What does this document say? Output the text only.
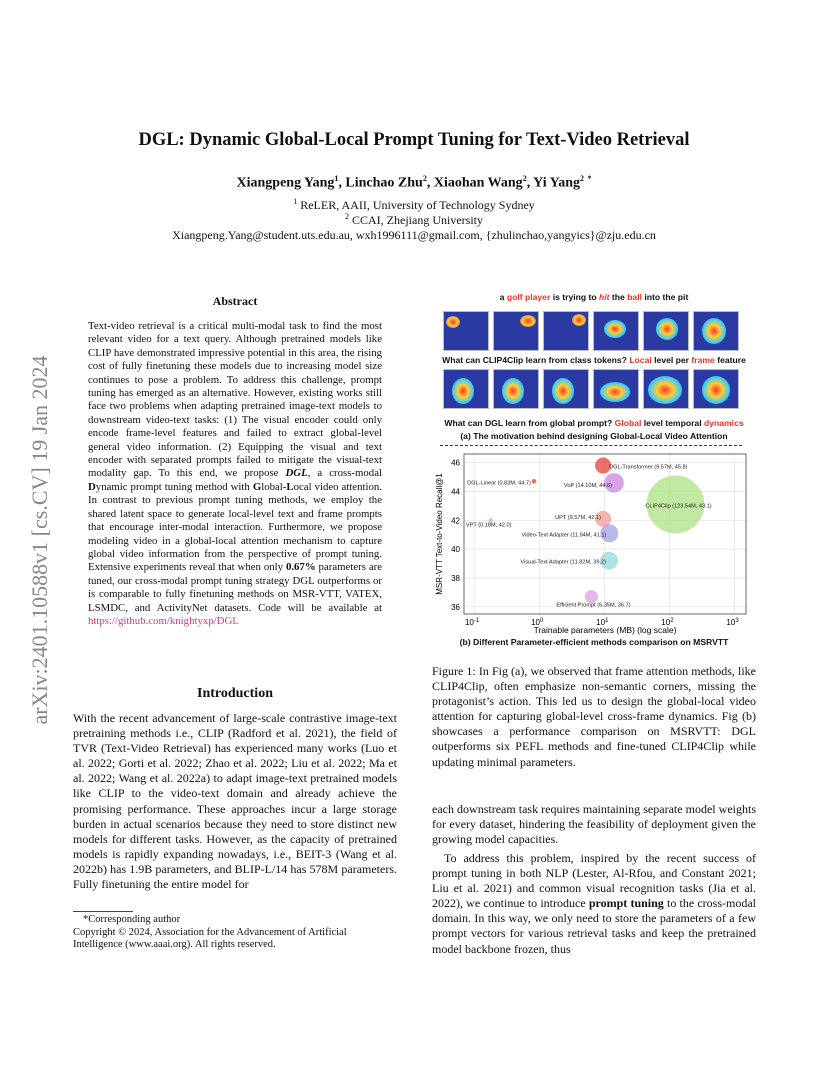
arXiv:2401.10588v1 [cs.CV] 19 Jan 2024
DGL: Dynamic Global-Local Prompt Tuning for Text-Video Retrieval
Xiangpeng Yang$^1$, Linchao Zhu$^2$, Xiaohan Wang$^2$, Yi Yang$^2$ *
$^1$ ReLER, AAII, University of Technology Sydney
$^2$ CCAI, Zhejiang University
Xiangpeng.Yang@student.uts.edu.au, wxh1996111@gmail.com, {zhulinchao,yangyics}@zju.edu.cn
Abstract
Text-video retrieval is a critical multi-modal task to find the most relevant video for a text query. Although pretrained models like CLIP have demonstrated impressive potential in this area, the rising cost of fully finetuning these models due to increasing model size continues to pose a problem. To address this challenge, prompt tuning has emerged as an alternative. However, existing works still face two problems when adapting pretrained image-text models to downstream video-text tasks: (1) The visual encoder could only encode frame-level features and failed to extract global-level general video information. (2) Equipping the visual and text encoder with separated prompts failed to mitigate the visual-text modality gap. To this end, we propose DGL, a cross-modal Dynamic prompt tuning method with Global-Local video attention. In contrast to previous prompt tuning methods, we employ the shared latent space to generate local-level text and frame prompts that encourage inter-modal interaction. Furthermore, we propose modeling video in a global-local attention mechanism to capture global video information from the perspective of prompt tuning. Extensive experiments reveal that when only 0.67% parameters are tuned, our cross-modal prompt tuning strategy DGL outperforms or is comparable to fully finetuning methods on MSR-VTT, VATEX, LSMDC, and ActivityNet datasets. Code will be available at https://github.com/knightyxp/DGL
Introduction
With the recent advancement of large-scale contrastive image-text pretraining methods i.e., CLIP (Radford et al. 2021), the field of TVR (Text-Video Retrieval) has experienced many works (Luo et al. 2022; Gorti et al. 2022; Zhao et al. 2022; Liu et al. 2022; Ma et al. 2022; Wang et al. 2022a) to adapt image-text pretrained models like CLIP to the video-text domain and already achieve the promising performance. These approaches incur a large storage burden in actual scenarios because they need to store distinct new models for different tasks. However, as the capacity of pretrained models is rapidly expanding nowadays, i.e., BEIT-3 (Wang et al. 2022b) has 1.9B parameters, and BLIP-L/14 has 578M parameters. Fully finetuning the entire model for
*Corresponding author
Copyright © 2024, Association for the Advancement of Artificial Intelligence (www.aaai.org). All rights reserved.
a golf player is trying to hit the ball into the pit
What can CLIP4Clip learn from class tokens? Local level per frame feature
What can DGL learn from global prompt? Global level temporal dynamics
(a) The motivation behind designing Global-Local Video Attention
36
38
40
42
44
46
$10^{-1}$	$10^0$	$10^1$	$10^2$	$10^3$
DGL-Transformer (9.57M, 45.8)
DGL-Linear (0.83M, 44.7)	VoP (14.10M, 44.6)
CLIP4Clip (123.54M, 43.1)
UPT (9.57M, 42.1)
VPT (0.18M, 42.0)
Video-Text Adapter (11.94M, 41.1)
Visual-Text Adapter (11.82M, 39.2)
Efficient Prompt (6.35M, 36.7)
Trainable parameters (MB) (log scale)
MSR-VTT Text-to-Video Recall@1
(b) Different Parameter-efficient methods comparison on MSRVTT
Figure 1: In Fig (a), we observed that frame attention methods, like CLIP4Clip, often emphasize non-semantic corners, missing the protagonist’s action. This led us to design the global-local video attention for capturing global-level cross-frame dynamics. Fig (b) showcases a performance comparison on MSRVTT: DGL outperforms six PEFL methods and fine-tuned CLIP4Clip while updating minimal parameters.
each downstream task requires maintaining separate model weights for every dataset, hindering the feasibility of deployment given the growing model capacities.
To address this problem, inspired by the recent success of prompt tuning in both NLP (Lester, Al-Rfou, and Constant 2021; Liu et al. 2021) and common visual recognition tasks (Jia et al. 2022), we continue to introduce prompt tuning to the cross-modal domain. In this way, we only need to store the parameters of a few prompt vectors for various retrieval tasks and keep the pretrained model backbone frozen, thus
